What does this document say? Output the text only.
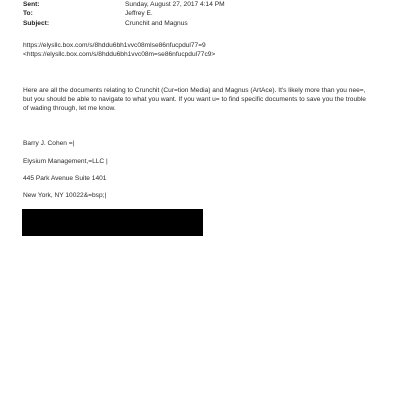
Sent:	Sunday, August 27, 2017 4:14 PM
To:	Jeffrey E.
Subject:	Crunchit and Magnus
https://elysllc.box.com/s/8hddu6bh1vvc08mlse86nfucpdul77=9
<https://elysllc.box.com/s/8hddu6bh1vvc08m=se86nfucpdul77c9>
Here are all the documents relating to Crunchit (Cur=tion Media) and Magnus (ArtAce). It's likely more than you nee=,
but you should be able to navigate to what you want. If you want u= to find specific documents to save you the trouble
of wading through, let me know.
Barry J. Cohen =|
Elysium Management,=LLC |
445 Park Avenue Suite 1401
New York, NY 10022&=bsp;|
